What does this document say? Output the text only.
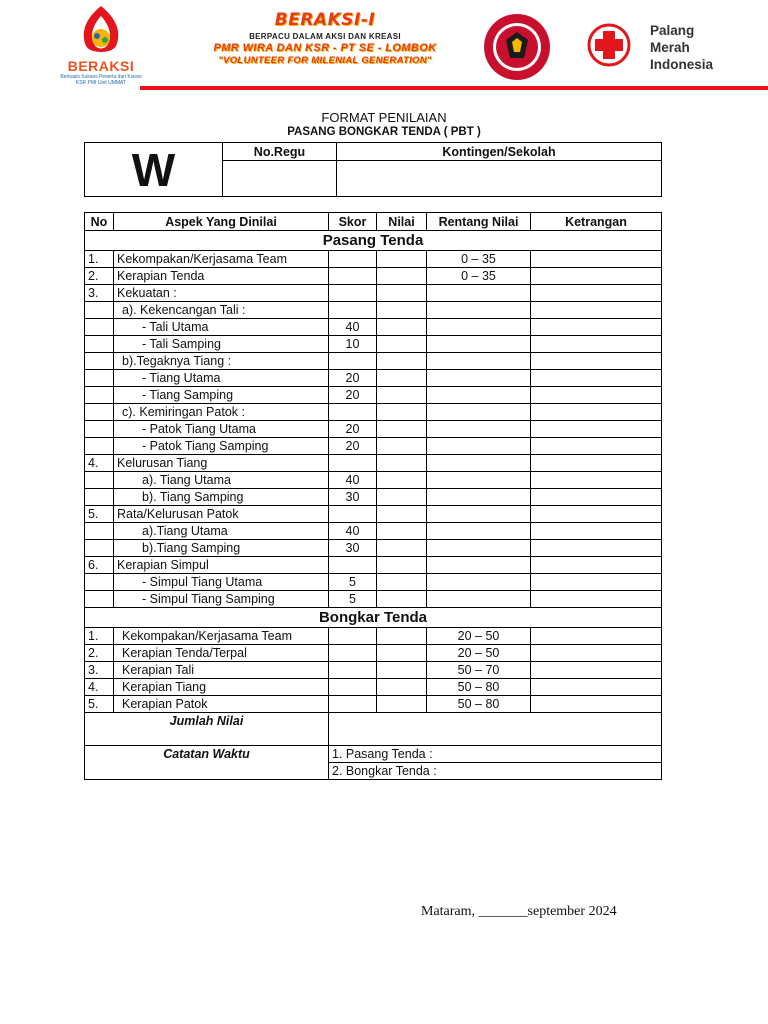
BERAKSI
Berbasis Sukses Peserta dan Kreasi KSR PMI Unit UMMAT
BERAKSI-I
BERPACU DALAM AKSI DAN KREASI
PMR WIRA DAN KSR - PT SE - LOMBOK
"VOLUNTEER FOR MILENIAL GENERATION"
Palang
Merah
Indonesia
FORMAT PENILAIAN
PASANG BONGKAR TENDA ( PBT )
W	No.Regu	Kontingen/Sekolah

No	Aspek Yang Dinilai	Skor	Nilai	Rentang Nilai	Ketrangan
Pasang Tenda					
1.	Kekompakan/Kerjasama Team			0 – 35	
2.	Kerapian Tenda			0 – 35	
3.	Kekuatan :				
	a). Kekencangan Tali :				
	- Tali Utama	40			
	- Tali Samping	10			
	b).Tegaknya Tiang :				
	- Tiang Utama	20			
	- Tiang Samping	20			
	c). Kemiringan Patok :				
	- Patok Tiang Utama	20			
	- Patok Tiang Samping	20			
4.	Kelurusan Tiang				
	a). Tiang Utama	40			
	b). Tiang Samping	30			
5.	Rata/Kelurusan Patok				
	a).Tiang Utama	40			
	b).Tiang Samping	30			
6.	Kerapian Simpul				
	- Simpul Tiang Utama	5			
	- Simpul Tiang Samping	5			
Bongkar Tenda					
1.	Kekompakan/Kerjasama Team			20 – 50	
2.	Kerapian Tenda/Terpal			20 – 50	
3.	Kerapian Tali			50 – 70	
4.	Kerapian Tiang			50 – 80	
5.	Kerapian Patok			50 – 80	
Jumlah Nilai					
Catatan Waktu		1. Pasang Tenda :			
		2. Bongkar Tenda :			
Mataram, _______september 2024
